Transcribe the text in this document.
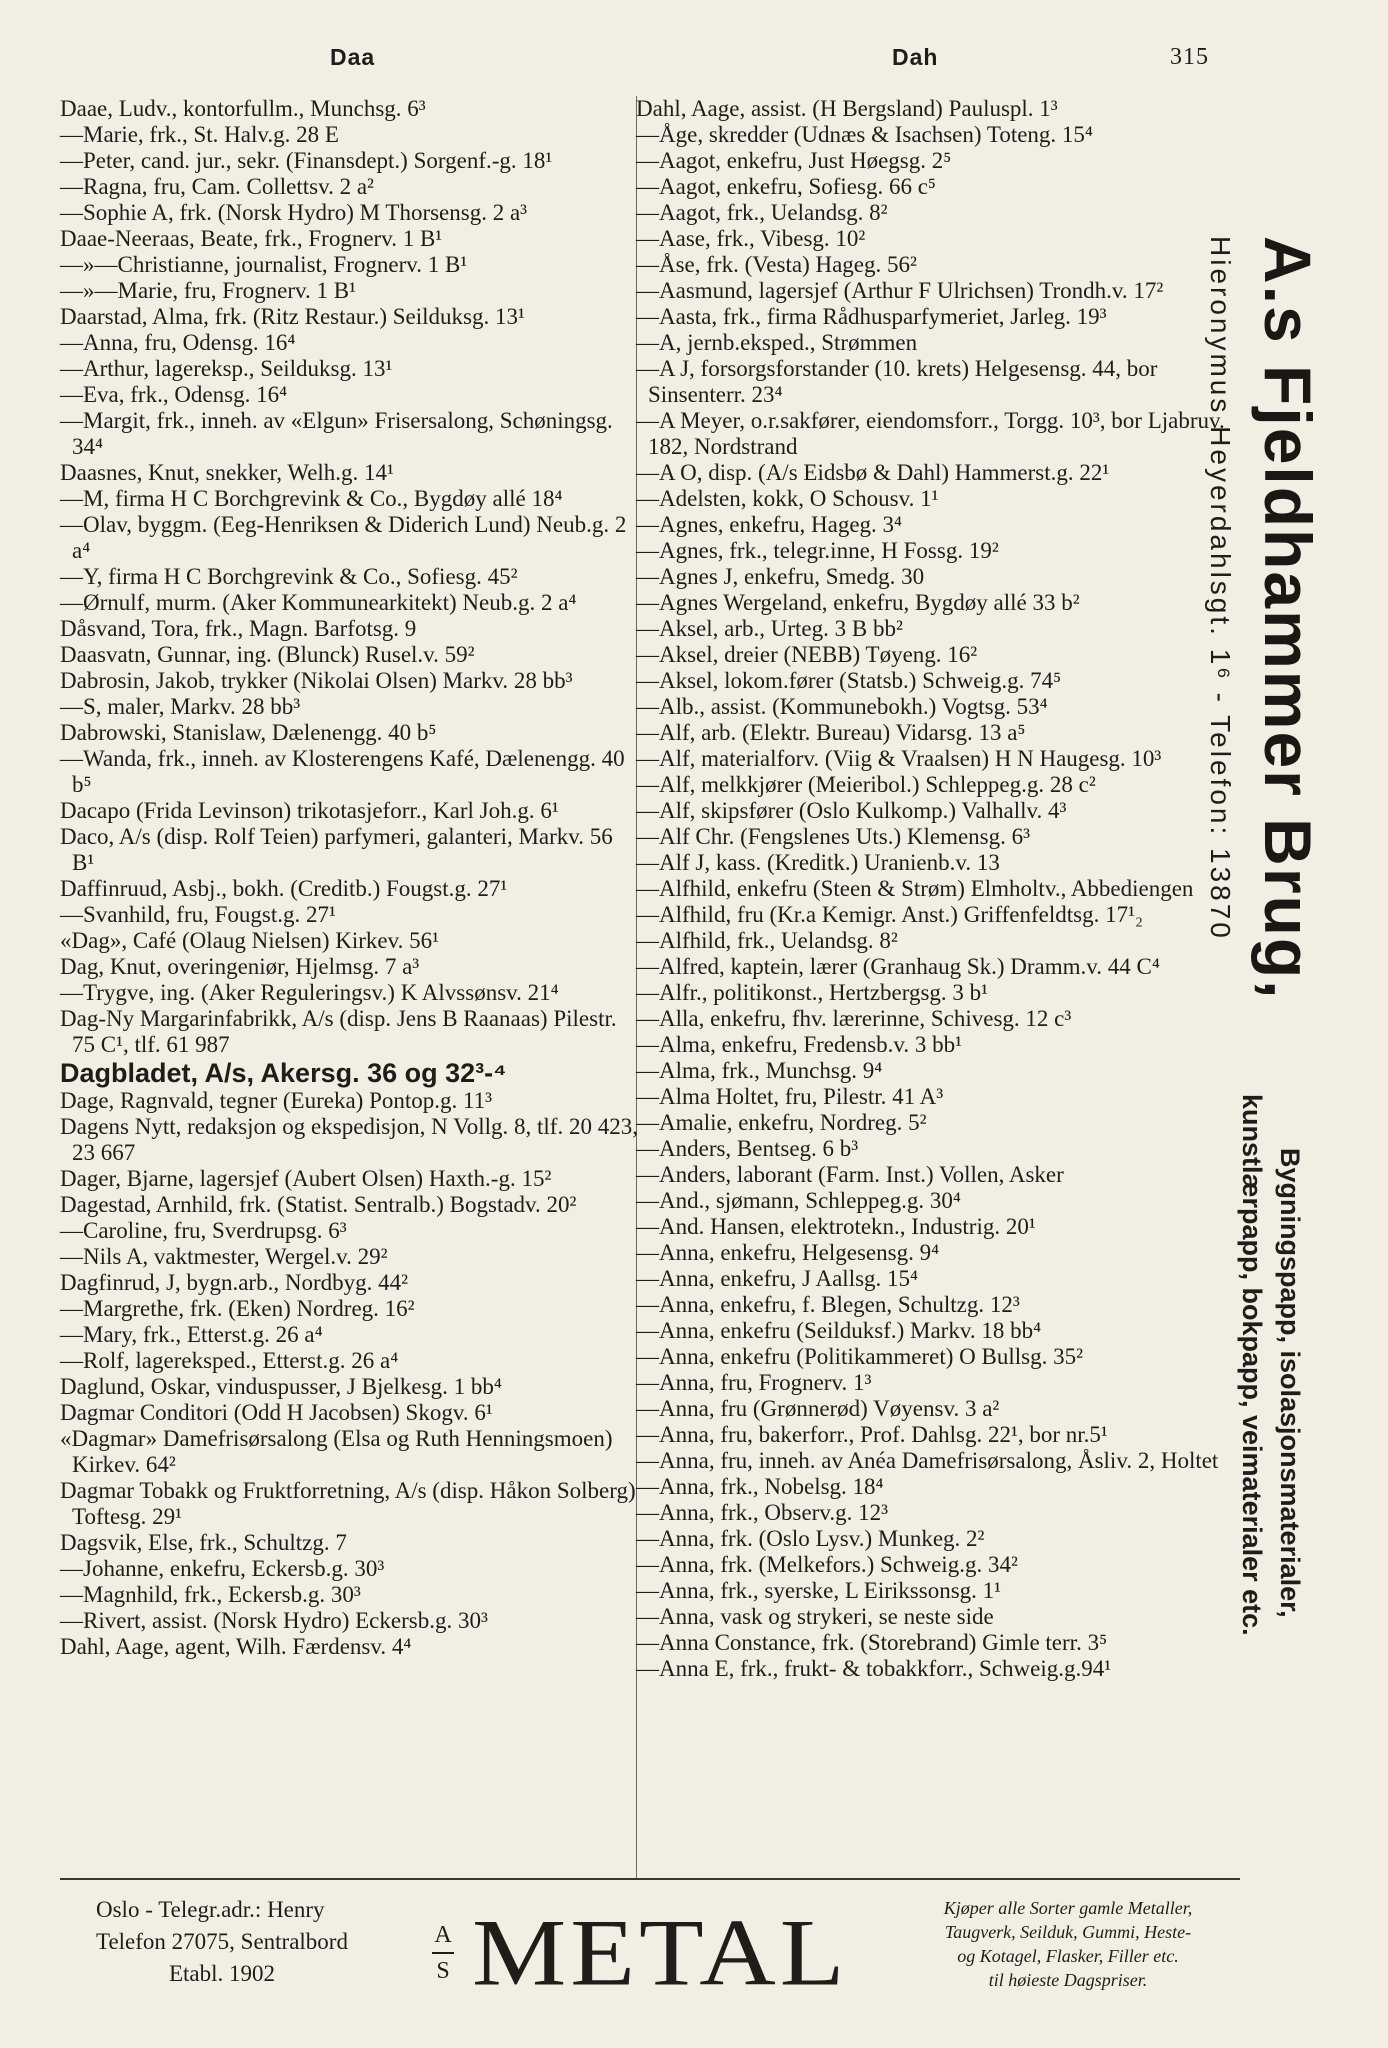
Daa	Dah	315

Daae, Ludv., kontorfullm., Munchsg. 6³

—Marie, frk., St. Halv.g. 28 E

—Peter, cand. jur., sekr. (Finansdept.) Sorgenf.-g. 18¹

—Ragna, fru, Cam. Collettsv. 2 a²

—Sophie A, frk. (Norsk Hydro) M Thorsensg. 2 a³

Daae-Neeraas, Beate, frk., Frognerv. 1 B¹

—»—Christianne, journalist, Frognerv. 1 B¹

—»—Marie, fru, Frognerv. 1 B¹

Daarstad, Alma, frk. (Ritz Restaur.) Seilduksg. 13¹

—Anna, fru, Odensg. 16⁴

—Arthur, lagereksp., Seilduksg. 13¹

—Eva, frk., Odensg. 16⁴

—Margit, frk., inneh. av «Elgun» Frisersalong, Schøningsg. 34⁴

Daasnes, Knut, snekker, Welh.g. 14¹

—M, firma H C Borchgrevink & Co., Bygdøy allé 18⁴

—Olav, byggm. (Eeg-Henriksen & Diderich Lund) Neub.g. 2 a⁴

—Y, firma H C Borchgrevink & Co., Sofiesg. 45²

—Ørnulf, murm. (Aker Kommunearkitekt) Neub.g. 2 a⁴

Dåsvand, Tora, frk., Magn. Barfotsg. 9

Daasvatn, Gunnar, ing. (Blunck) Rusel.v. 59²

Dabrosin, Jakob, trykker (Nikolai Olsen) Markv. 28 bb³

—S, maler, Markv. 28 bb³

Dabrowski, Stanislaw, Dælenengg. 40 b⁵

—Wanda, frk., inneh. av Klosterengens Kafé, Dælenengg. 40 b⁵

Dacapo (Frida Levinson) trikotasjeforr., Karl Joh.g. 6¹

Daco, A/s (disp. Rolf Teien) parfymeri, galanteri, Markv. 56 B¹

Daffinruud, Asbj., bokh. (Creditb.) Fougst.g. 27¹

—Svanhild, fru, Fougst.g. 27¹

«Dag», Café (Olaug Nielsen) Kirkev. 56¹

Dag, Knut, overingeniør, Hjelmsg. 7 a³

—Trygve, ing. (Aker Reguleringsv.) K Alvssønsv. 21⁴

Dag-Ny Margarinfabrikk, A/s (disp. Jens B Raanaas) Pilestr. 75 C¹, tlf. 61 987

Dagbladet, A/s, Akersg. 36 og 32³-⁴

Dage, Ragnvald, tegner (Eureka) Pontop.g. 11³

Dagens Nytt, redaksjon og ekspedisjon, N Vollg. 8, tlf. 20 423, 23 667

Dager, Bjarne, lagersjef (Aubert Olsen) Haxth.-g. 15²

Dagestad, Arnhild, frk. (Statist. Sentralb.) Bogstadv. 20²

—Caroline, fru, Sverdrupsg. 6³

—Nils A, vaktmester, Wergel.v. 29²

Dagfinrud, J, bygn.arb., Nordbyg. 44²

—Margrethe, frk. (Eken) Nordreg. 16²

—Mary, frk., Etterst.g. 26 a⁴

—Rolf, lagereksped., Etterst.g. 26 a⁴

Daglund, Oskar, vinduspusser, J Bjelkesg. 1 bb⁴

Dagmar Conditori (Odd H Jacobsen) Skogv. 6¹

«Dagmar» Damefrisørsalong (Elsa og Ruth Henningsmoen) Kirkev. 64²

Dagmar Tobakk og Fruktforretning, A/s (disp. Håkon Solberg) Toftesg. 29¹

Dagsvik, Else, frk., Schultzg. 7

—Johanne, enkefru, Eckersb.g. 30³

—Magnhild, frk., Eckersb.g. 30³

—Rivert, assist. (Norsk Hydro) Eckersb.g. 30³

Dahl, Aage, agent, Wilh. Færdensv. 4⁴

Dahl, Aage, assist. (H Bergsland) Pauluspl. 1³

—Åge, skredder (Udnæs & Isachsen) Toteng. 15⁴

—Aagot, enkefru, Just Høegsg. 2⁵

—Aagot, enkefru, Sofiesg. 66 c⁵

—Aagot, frk., Uelandsg. 8²

—Aase, frk., Vibesg. 10²

—Åse, frk. (Vesta) Hageg. 56²

—Aasmund, lagersjef (Arthur F Ulrichsen) Trondh.v. 17²

—Aasta, frk., firma Rådhusparfymeriet, Jarleg. 19³

—A, jernb.eksped., Strømmen

—A J, forsorgsforstander (10. krets) Helgesensg. 44, bor Sinsenterr. 23⁴

—A Meyer, o.r.sakfører, eiendomsforr., Torgg. 10³, bor Ljabruv. 182, Nordstrand

—A O, disp. (A/s Eidsbø & Dahl) Hammerst.g. 22¹

—Adelsten, kokk, O Schousv. 1¹

—Agnes, enkefru, Hageg. 3⁴

—Agnes, frk., telegr.inne, H Fossg. 19²

—Agnes J, enkefru, Smedg. 30

—Agnes Wergeland, enkefru, Bygdøy allé 33 b²

—Aksel, arb., Urteg. 3 B bb²

—Aksel, dreier (NEBB) Tøyeng. 16²

—Aksel, lokom.fører (Statsb.) Schweig.g. 74⁵

—Alb., assist. (Kommunebokh.) Vogtsg. 53⁴

—Alf, arb. (Elektr. Bureau) Vidarsg. 13 a⁵

—Alf, materialforv. (Viig & Vraalsen) H N Haugesg. 10³

—Alf, melkkjører (Meieribol.) Schleppeg.g. 28 c²

—Alf, skipsfører (Oslo Kulkomp.) Valhallv. 4³

—Alf Chr. (Fengslenes Uts.) Klemensg. 6³

—Alf J, kass. (Kreditk.) Uranienb.v. 13

—Alfhild, enkefru (Steen & Strøm) Elmholtv., Abbediengen

—Alfhild, fru (Kr.a Kemigr. Anst.) Griffenfeldtsg. 17¹₂

—Alfhild, frk., Uelandsg. 8²

—Alfred, kaptein, lærer (Granhaug Sk.) Dramm.v. 44 C⁴

—Alfr., politikonst., Hertzbergsg. 3 b¹

—Alla, enkefru, fhv. lærerinne, Schivesg. 12 c³

—Alma, enkefru, Fredensb.v. 3 bb¹

—Alma, frk., Munchsg. 9⁴

—Alma Holtet, fru, Pilestr. 41 A³

—Amalie, enkefru, Nordreg. 5²

—Anders, Bentseg. 6 b³

—Anders, laborant (Farm. Inst.) Vollen, Asker

—And., sjømann, Schleppeg.g. 30⁴

—And. Hansen, elektrotekn., Industrig. 20¹

—Anna, enkefru, Helgesensg. 9⁴

—Anna, enkefru, J Aallsg. 15⁴

—Anna, enkefru, f. Blegen, Schultzg. 12³

—Anna, enkefru (Seilduksf.) Markv. 18 bb⁴

—Anna, enkefru (Politikammeret) O Bullsg. 35²

—Anna, fru, Frognerv. 1³

—Anna, fru (Grønnerød) Vøyensv. 3 a²

—Anna, fru, bakerforr., Prof. Dahlsg. 22¹, bor nr.5¹

—Anna, fru, inneh. av Anéa Damefrisørsalong, Åsliv. 2, Holtet

—Anna, frk., Nobelsg. 18⁴

—Anna, frk., Observ.g. 12³

—Anna, frk. (Oslo Lysv.) Munkeg. 2²

—Anna, frk. (Melkefors.) Schweig.g. 34²

—Anna, frk., syerske, L Eirikssonsg. 1¹

—Anna, vask og strykeri, se neste side

—Anna Constance, frk. (Storebrand) Gimle terr. 3⁵

—Anna E, frk., frukt- & tobakkforr., Schweig.g.94¹

A.s Fjeldhammer Brug,
Hieronymus Heyerdahlsgt. 1⁶ - Telefon: 13870
Bygningspapp, isolasjonsmaterialer,
kunstlærpapp, bokpapp, veimaterialer etc.
Oslo - Telegr.adr.: Henry
Telefon 27075, Sentralbord
Etabl. 1902
A
S METAL	Kjøper alle Sorter gamle Metaller,
Taugverk, Seilduk, Gummi, Heste-
og Kotagel, Flasker, Filler etc.
til høieste Dagspriser.
